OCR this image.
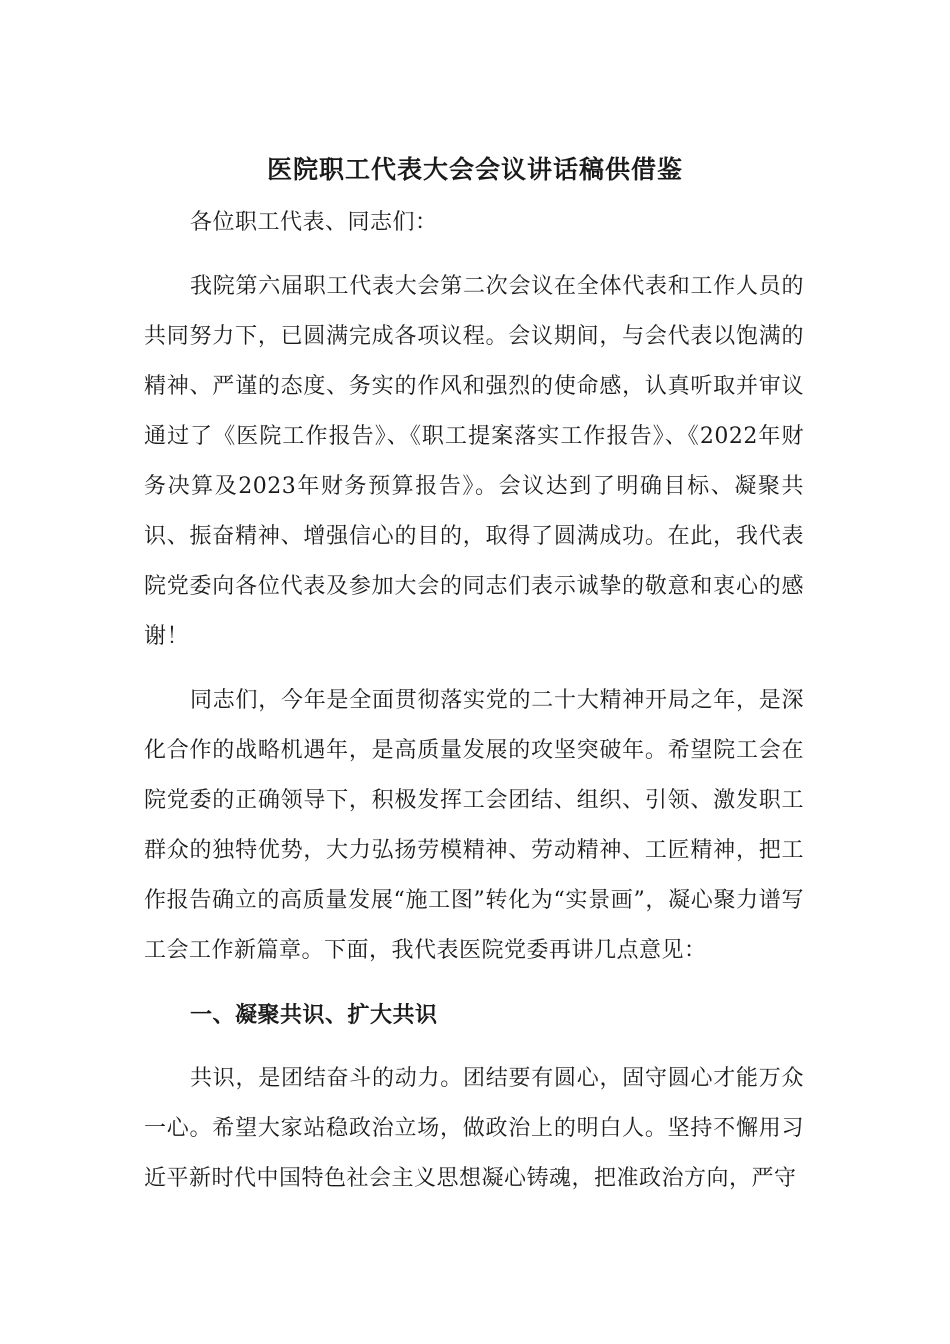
医院职工代表大会会议讲话稿供借鉴

各位职工代表、同志们：

我院第六届职工代表大会第二次会议在全体代表和工作人员的共同努力下，已圆满完成各项议程。会议期间，与会代表以饱满的精神、严谨的态度、务实的作风和强烈的使命感，认真听取并审议通过了《医院工作报告》、《职工提案落实工作报告》、《2022年财务决算及2023年财务预算报告》。会议达到了明确目标、凝聚共识、振奋精神、增强信心的目的，取得了圆满成功。在此，我代表院党委向各位代表及参加大会的同志们表示诚挚的敬意和衷心的感谢！

同志们，今年是全面贯彻落实党的二十大精神开局之年，是深化合作的战略机遇年，是高质量发展的攻坚突破年。希望院工会在院党委的正确领导下，积极发挥工会团结、组织、引领、激发职工群众的独特优势，大力弘扬劳模精神、劳动精神、工匠精神，把工作报告确立的高质量发展“施工图”转化为“实景画”，凝心聚力谱写工会工作新篇章。下面，我代表医院党委再讲几点意见：

一、凝聚共识、扩大共识

共识，是团结奋斗的动力。团结要有圆心，固守圆心才能万众一心。希望大家站稳政治立场，做政治上的明白人。坚持不懈用习近平新时代中国特色社会主义思想凝心铸魂，把准政治方向，严守
